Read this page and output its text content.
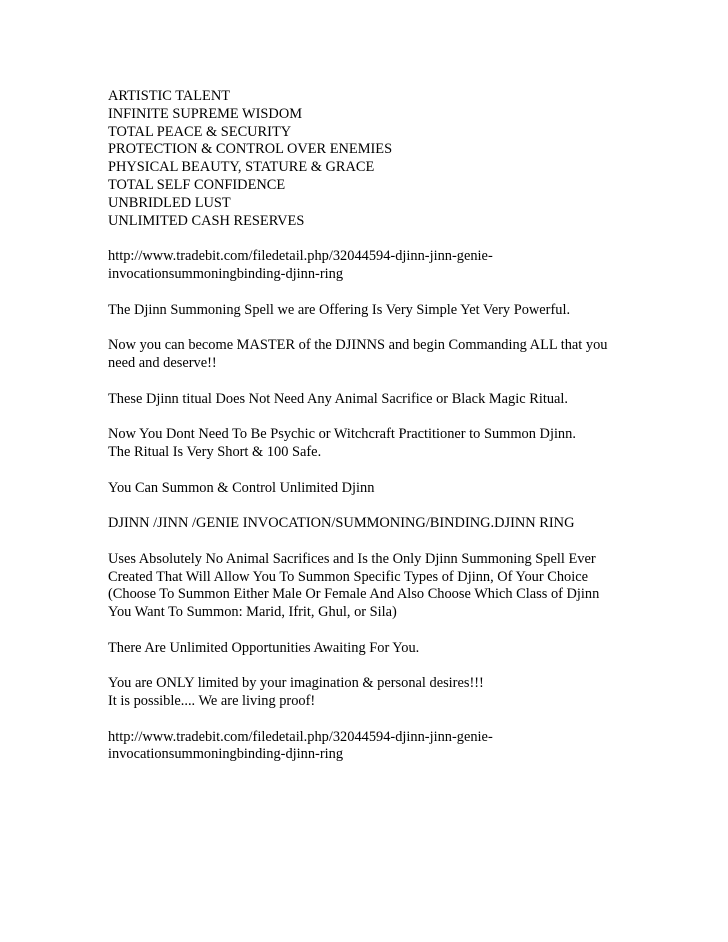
ARTISTIC TALENT
INFINITE SUPREME WISDOM
TOTAL PEACE & SECURITY
PROTECTION & CONTROL OVER ENEMIES
PHYSICAL BEAUTY, STATURE & GRACE
TOTAL SELF CONFIDENCE
UNBRIDLED LUST
UNLIMITED CASH RESERVES
http://www.tradebit.com/filedetail.php/32044594-djinn-jinn-genie-
invocationsummoningbinding-djinn-ring
The Djinn Summoning Spell we are Offering Is Very Simple Yet Very Powerful.
Now you can become MASTER of the DJINNS and begin Commanding ALL that you
need and deserve!!
These Djinn titual Does Not Need Any Animal Sacrifice or Black Magic Ritual.
Now You Dont Need To Be Psychic or Witchcraft Practitioner to Summon Djinn.
The Ritual Is Very Short & 100 Safe.
You Can Summon & Control Unlimited Djinn
DJINN /JINN /GENIE INVOCATION/SUMMONING/BINDING.DJINN RING
Uses Absolutely No Animal Sacrifices and Is the Only Djinn Summoning Spell Ever
Created That Will Allow You To Summon Specific Types of Djinn, Of Your Choice
(Choose To Summon Either Male Or Female And Also Choose Which Class of Djinn
You Want To Summon: Marid, Ifrit, Ghul, or Sila)
There Are Unlimited Opportunities Awaiting For You.
You are ONLY limited by your imagination & personal desires!!!
It is possible.... We are living proof!
http://www.tradebit.com/filedetail.php/32044594-djinn-jinn-genie-
invocationsummoningbinding-djinn-ring
